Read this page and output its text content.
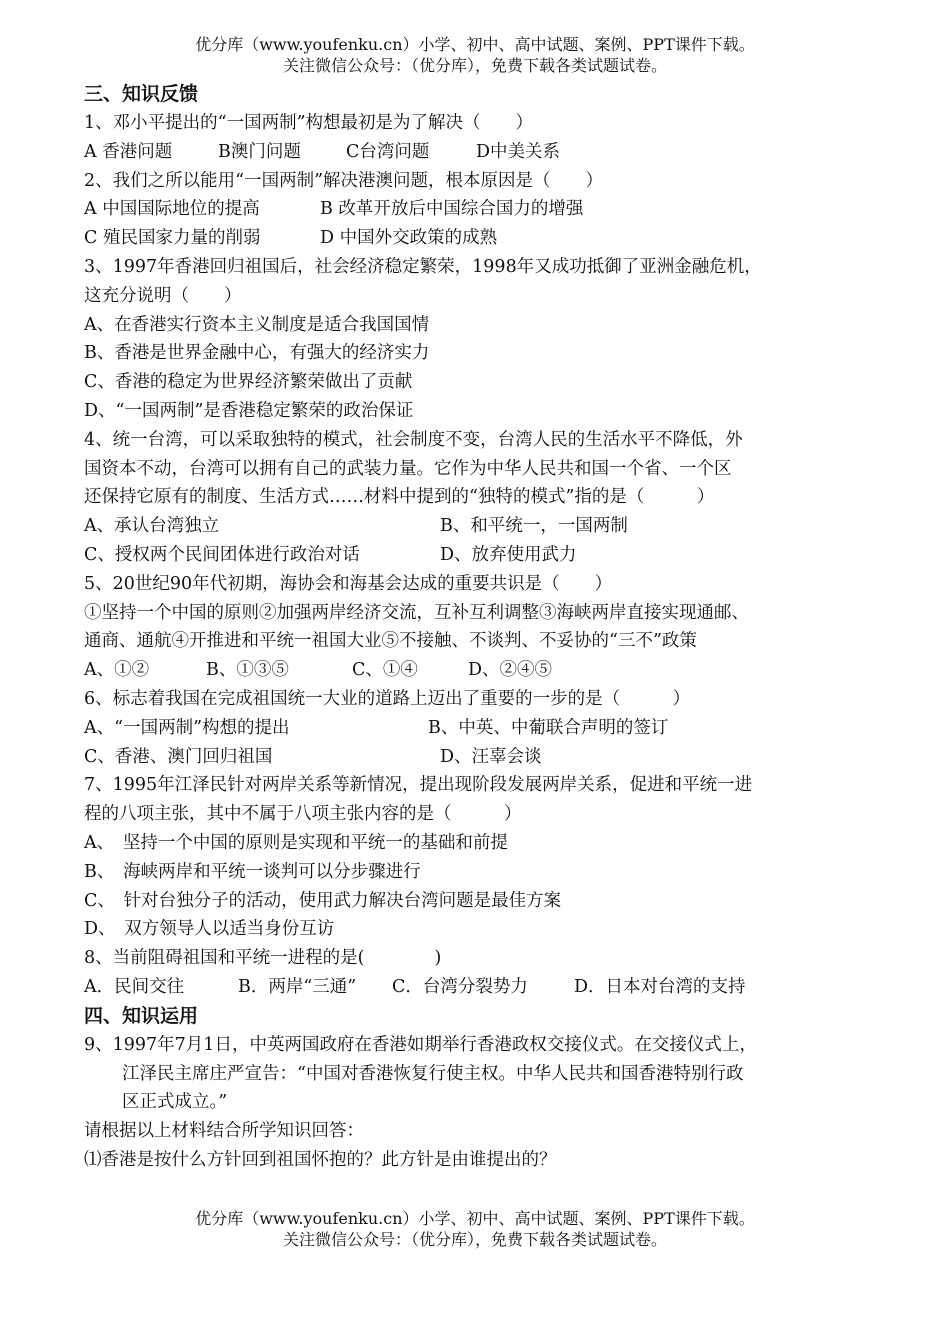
优分库（www.youfenku.cn）小学、初中、高中试题、案例、PPT课件下载。
关注微信公众号：（优分库），免费下载各类试题试卷。
三、知识反馈
1、邓小平提出的“一国两制”构想最初是为了解决（　　）
A 香港问题	B澳门问题	C台湾问题	D中美关系
2、我们之所以能用“一国两制”解决港澳问题，根本原因是（　　）
A 中国国际地位的提高	B 改革开放后中国综合国力的增强
C 殖民国家力量的削弱	D 中国外交政策的成熟
3、1997年香港回归祖国后，社会经济稳定繁荣，1998年又成功抵御了亚洲金融危机，
这充分说明（　　）
A、在香港实行资本主义制度是适合我国国情
B、香港是世界金融中心，有强大的经济实力
C、香港的稳定为世界经济繁荣做出了贡献
D、“一国两制”是香港稳定繁荣的政治保证
4、统一台湾，可以采取独特的模式，社会制度不变，台湾人民的生活水平不降低，外
国资本不动，台湾可以拥有自己的武装力量。它作为中华人民共和国一个省、一个区
还保持它原有的制度、生活方式……材料中提到的“独特的模式”指的是（　　　）
A、承认台湾独立	B、和平统一，一国两制
C、授权两个民间团体进行政治对话	D、放弃使用武力
5、20世纪90年代初期，海协会和海基会达成的重要共识是（　　）
①坚持一个中国的原则②加强两岸经济交流，互补互利调整③海峡两岸直接实现通邮、
通商、通航④开推进和平统一祖国大业⑤不接触、不谈判、不妥协的“三不”政策
A、①②	B、①③⑤	C、①④	D、②④⑤
6、标志着我国在完成祖国统一大业的道路上迈出了重要的一步的是（　　　）
A、“一国两制”构想的提出	B、中英、中葡联合声明的签订
C、香港、澳门回归祖国	D、汪辜会谈
7、1995年江泽民针对两岸关系等新情况，提出现阶段发展两岸关系，促进和平统一进
程的八项主张，其中不属于八项主张内容的是（　　　）
A、　坚持一个中国的原则是实现和平统一的基础和前提
B、　海峡两岸和平统一谈判可以分步骤进行
C、　针对台独分子的活动，使用武力解决台湾问题是最佳方案
D、　双方领导人以适当身份互访
8、当前阻碍祖国和平统一进程的是(　　　　)
A．民间交往	B．两岸“三通”	C．台湾分裂势力	D．日本对台湾的支持
四、知识运用
9、1997年7月1日，中英两国政府在香港如期举行香港政权交接仪式。在交接仪式上，
江泽民主席庄严宣告：“中国对香港恢复行使主权。中华人民共和国香港特别行政
区正式成立。”
请根据以上材料结合所学知识回答：
⑴香港是按什么方针回到祖国怀抱的？此方针是由谁提出的？
优分库（www.youfenku.cn）小学、初中、高中试题、案例、PPT课件下载。
关注微信公众号：（优分库），免费下载各类试题试卷。
